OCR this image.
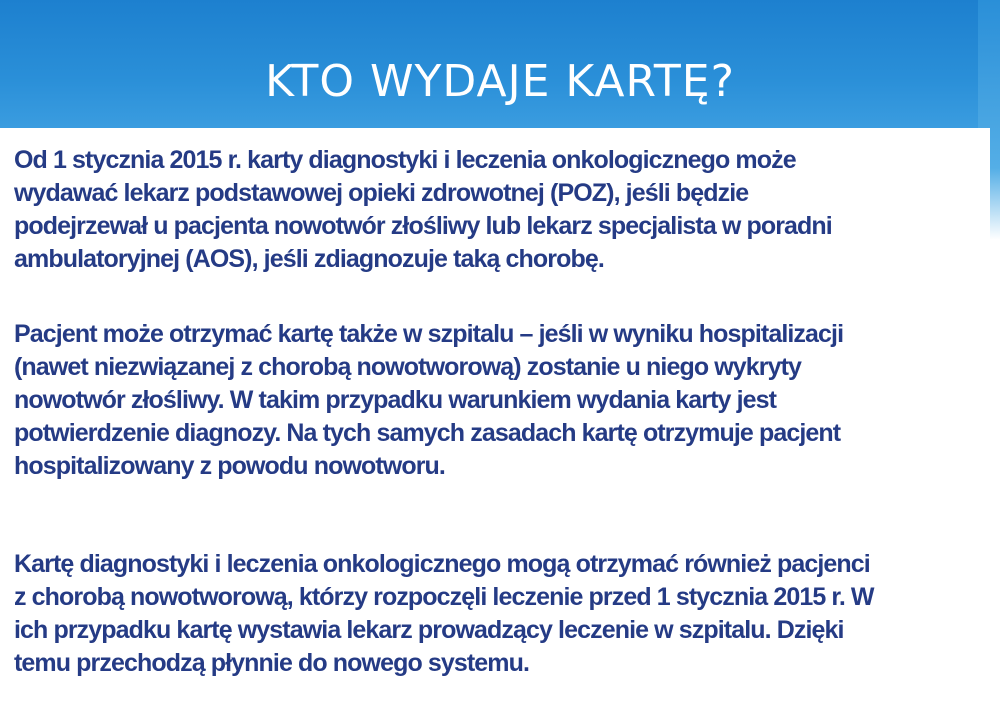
KTO WYDAJE KARTĘ?

Od 1 stycznia 2015 r. karty diagnostyki i leczenia onkologicznego może
wydawać lekarz podstawowej opieki zdrowotnej (POZ), jeśli będzie
podejrzewał u pacjenta nowotwór złośliwy lub lekarz specjalista w poradni
ambulatoryjnej (AOS), jeśli zdiagnozuje taką chorobę.

Pacjent może otrzymać kartę także w szpitalu – jeśli w wyniku hospitalizacji
(nawet niezwiązanej z chorobą nowotworową) zostanie u niego wykryty
nowotwór złośliwy. W takim przypadku warunkiem wydania karty jest
potwierdzenie diagnozy. Na tych samych zasadach kartę otrzymuje pacjent
hospitalizowany z powodu nowotworu.

Kartę diagnostyki i leczenia onkologicznego mogą otrzymać również pacjenci
z chorobą nowotworową, którzy rozpoczęli leczenie przed 1 stycznia 2015 r. W
ich przypadku kartę wystawia lekarz prowadzący leczenie w szpitalu. Dzięki
temu przechodzą płynnie do nowego systemu.
